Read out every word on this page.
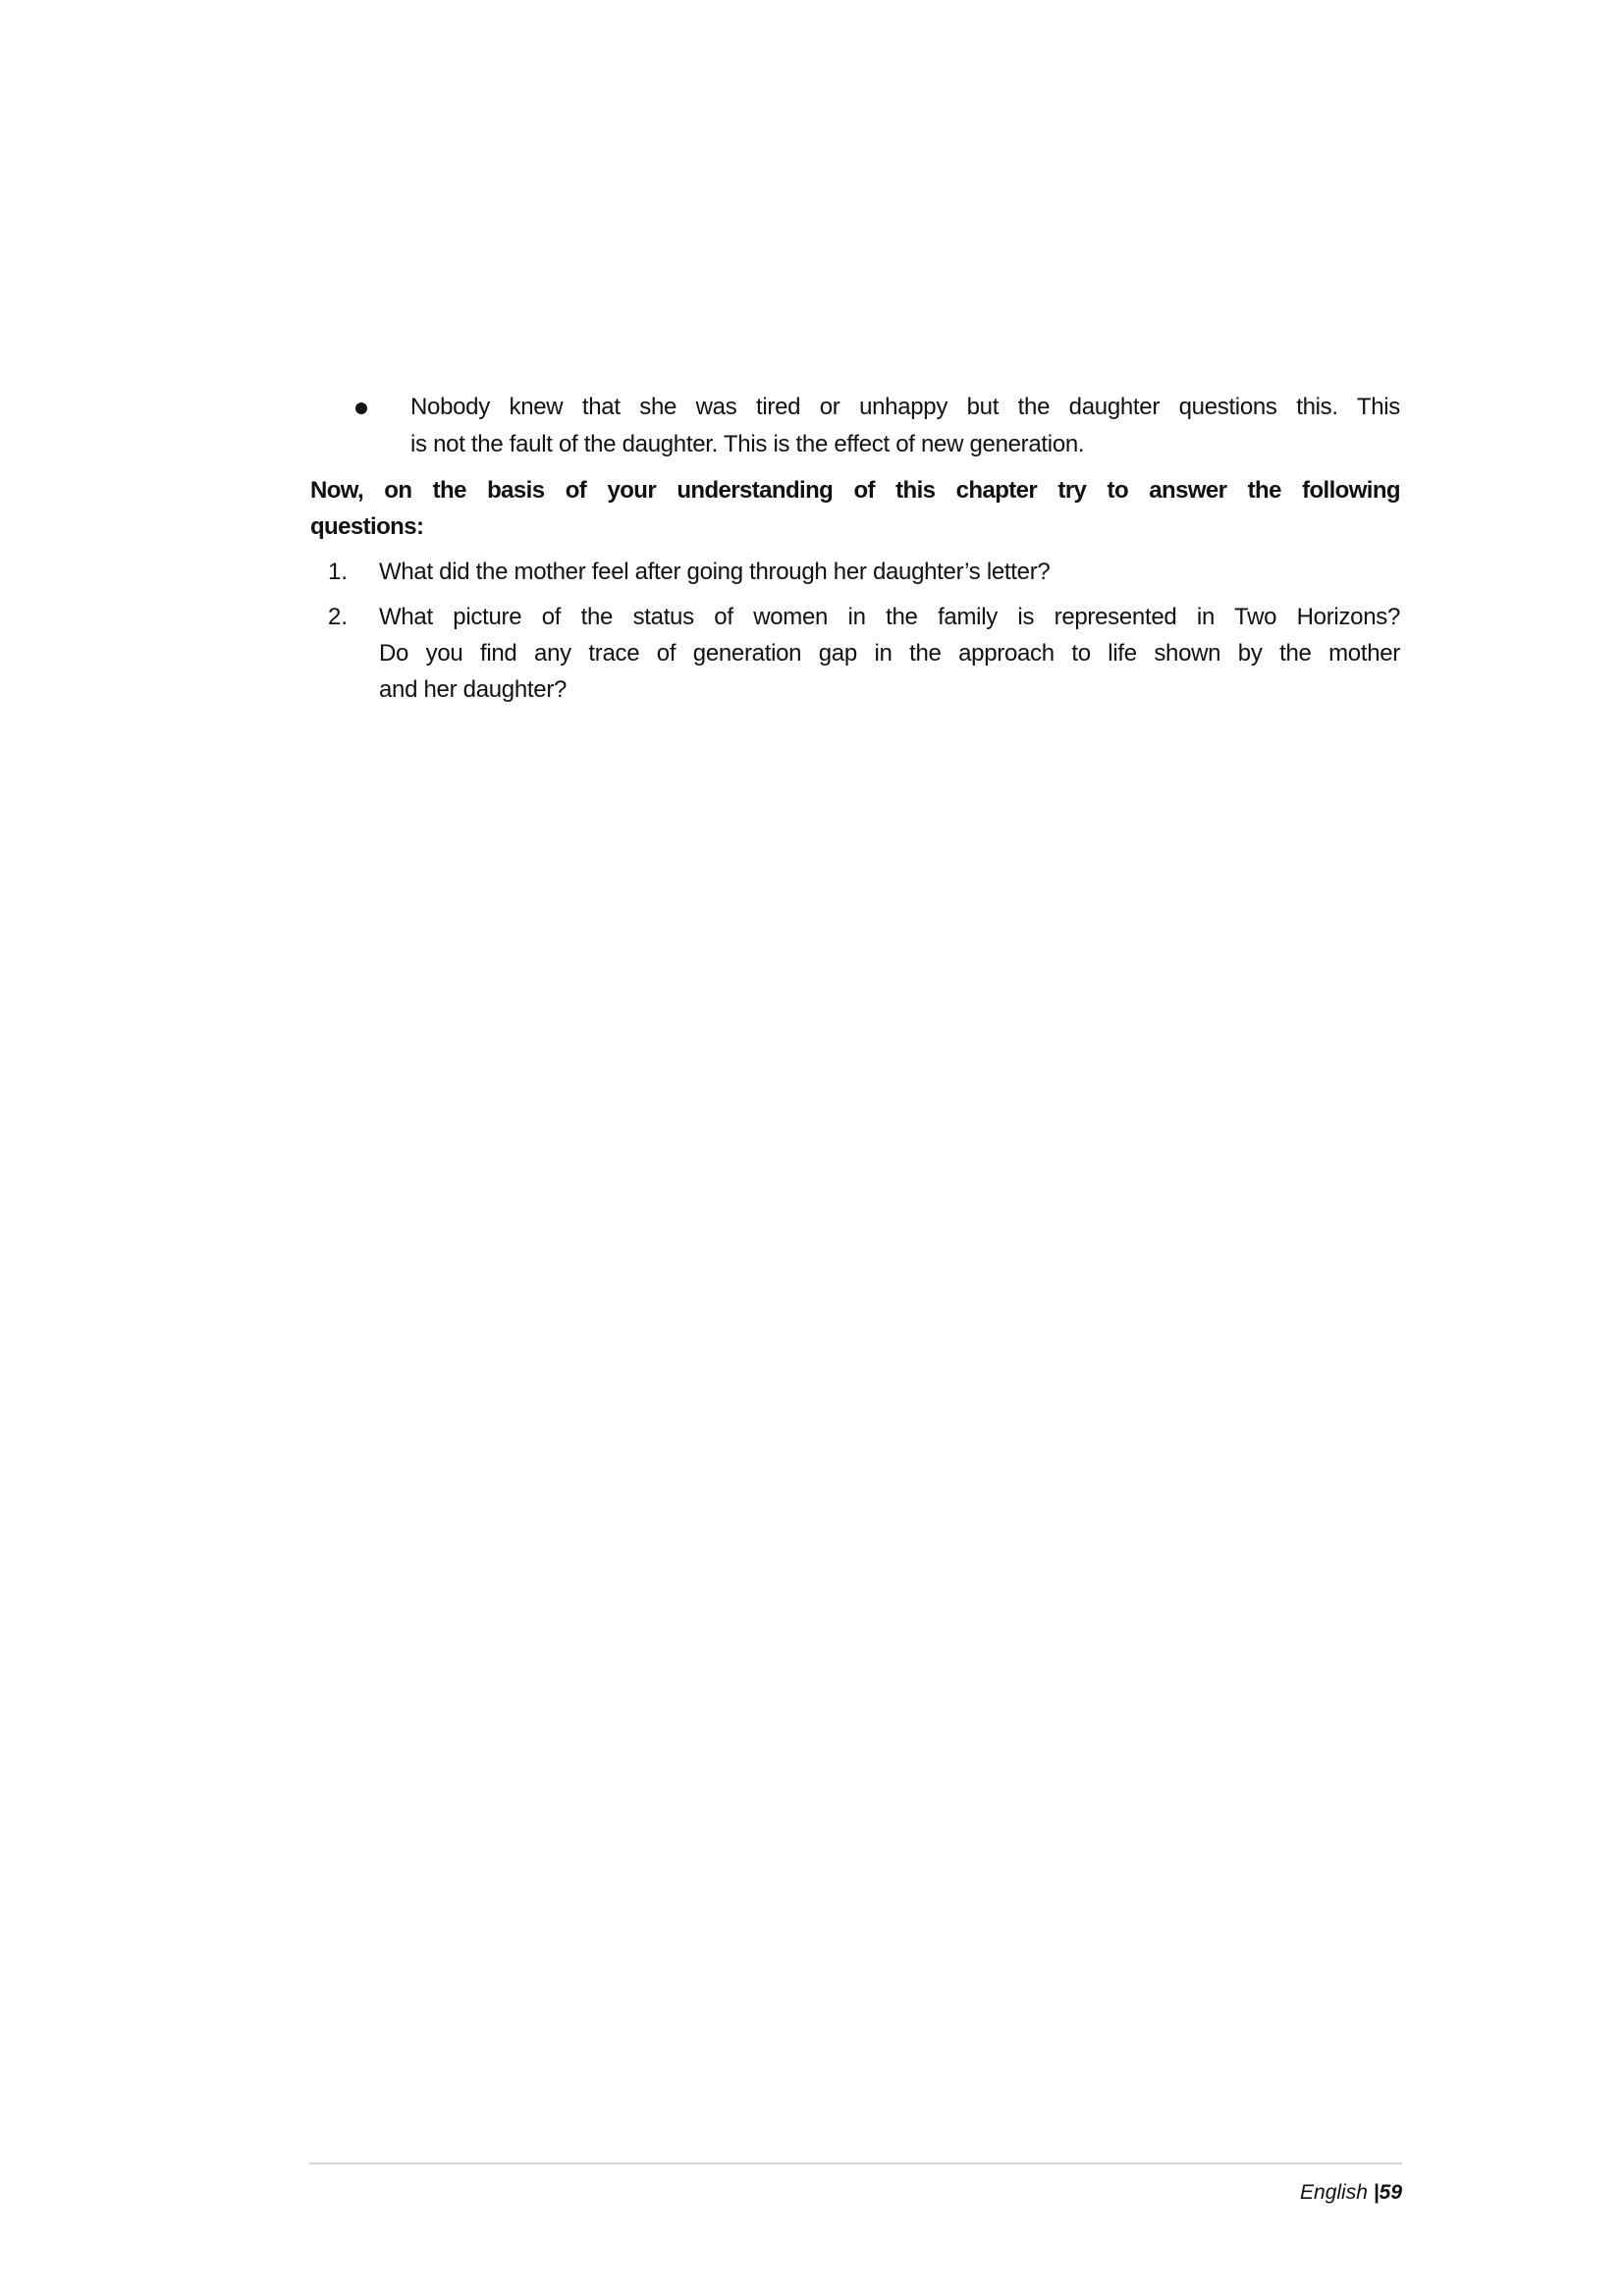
Nobody knew that she was tired or unhappy but the daughter questions this. This
is not the fault of the daughter. This is the effect of new generation.
Now, on the basis of your understanding of this chapter try to answer the following
questions:
1. What did the mother feel after going through her daughter’s letter?
2. What picture of the status of women in the family is represented in Two Horizons?
Do you find any trace of generation gap in the approach to life shown by the mother
and her daughter?
English |59
